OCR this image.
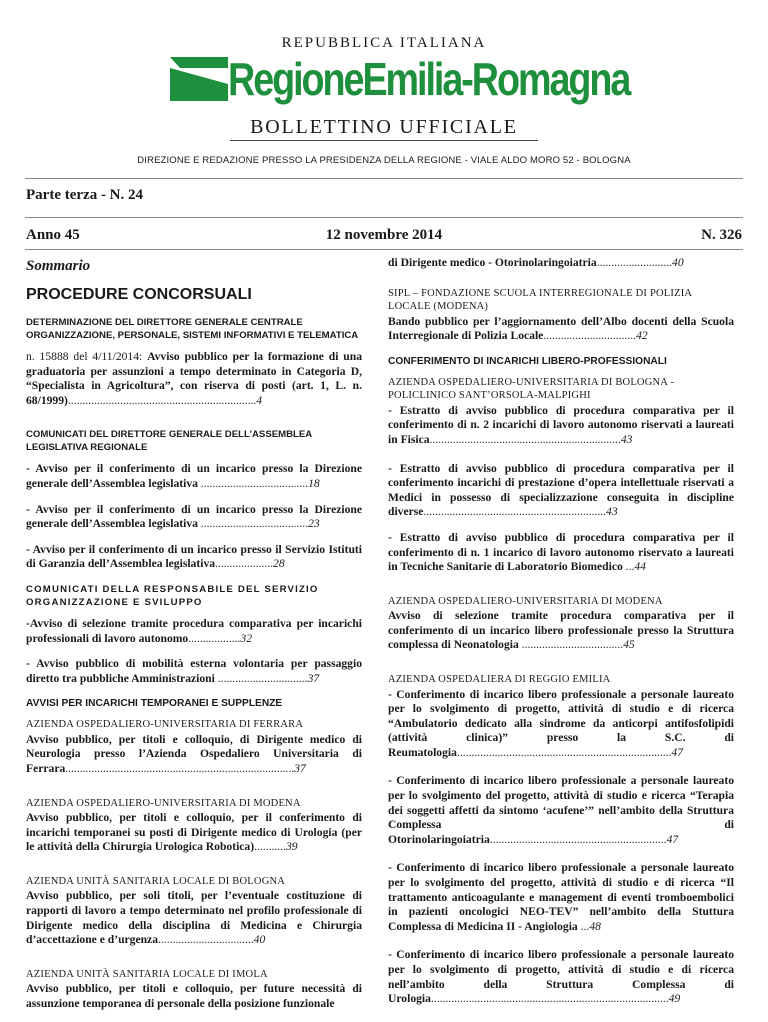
REPUBBLICA ITALIANA
RegioneEmilia-Romagna
BOLLETTINO UFFICIALE
DIREZIONE E REDAZIONE PRESSO LA PRESIDENZA DELLA REGIONE - VIALE ALDO MORO 52 - BOLOGNA
Parte terza - N. 24
Anno 45	12 novembre 2014	N. 326
Sommario
PROCEDURE CONCORSUALI
DETERMINAZIONE DEL DIRETTORE GENERALE CENTRALE ORGANIZZAZIONE, PERSONALE, SISTEMI INFORMATIVI E TELEMATICA
n. 15888 del 4/11/2014: Avviso pubblico per la formazione di una graduatoria per assunzioni a tempo determinato in Categoria D, “Specialista in Agricoltura”, con riserva di posti (art. 1, L. n. 68/1999).................................................................4
COMUNICATI DEL DIRETTORE GENERALE DELL’ASSEMBLEA LEGISLATIVA REGIONALE
- Avviso per il conferimento di un incarico presso la Direzione generale dell’Assemblea legislativa .....................................18
- Avviso per il conferimento di un incarico presso la Direzione generale dell’Assemblea legislativa .....................................23
- Avviso per il conferimento di un incarico presso il Servizio Istituti di Garanzia dell’Assemblea legislativa....................28
COMUNICATI DELLA RESPONSABILE DEL SERVIZIO ORGANIZZAZIONE E SVILUPPO
-Avviso di selezione tramite procedura comparativa per incarichi professionali di lavoro autonomo..................32
- Avviso pubblico di mobilità esterna volontaria per passaggio diretto tra pubbliche Amministrazioni ...............................37
AVVISI PER INCARICHI TEMPORANEI E SUPPLENZE
AZIENDA OSPEDALIERO-UNIVERSITARIA DI FERRARA
Avviso pubblico, per titoli e colloquio, di Dirigente medico di Neurologia presso l’Azienda Ospedaliero Universitaria di Ferrara...............................................................................37
AZIENDA OSPEDALIERO-UNIVERSITARIA DI MODENA
Avviso pubblico, per titoli e colloquio, per il conferimento di incarichi temporanei su posti di Dirigente medico di Urologia (per le attività della Chirurgia Urologica Robotica)...........39
AZIENDA UNITÀ SANITARIA LOCALE DI BOLOGNA
Avviso pubblico, per soli titoli, per l’eventuale costituzione di rapporti di lavoro a tempo determinato nel profilo professionale di Dirigente medico della disciplina di Medicina e Chirurgia d’accettazione e d’urgenza.................................40
AZIENDA UNITÀ SANITARIA LOCALE DI IMOLA
Avviso pubblico, per titoli e colloquio, per future necessità di assunzione temporanea di personale della posizione funzionale
di Dirigente medico - Otorinolaringoiatria..........................40
SIPL – FONDAZIONE SCUOLA INTERREGIONALE DI POLIZIA LOCALE (MODENA)
Bando pubblico per l’aggiornamento dell’Albo docenti della Scuola Interregionale di Polizia Locale................................42
CONFERIMENTO DI INCARICHI LIBERO-PROFESSIONALI
AZIENDA OSPEDALIERO-UNIVERSITARIA DI BOLOGNA - POLICLINICO SANT’ORSOLA-MALPIGHI
- Estratto di avviso pubblico di procedura comparativa per il conferimento di n. 2 incarichi di lavoro autonomo riservati a laureati in Fisica..................................................................43
- Estratto di avviso pubblico di procedura comparativa per il conferimento incarichi di prestazione d’opera intellettuale riservati a Medici in possesso di specializzazione conseguita in discipline diverse...............................................................43
- Estratto di avviso pubblico di procedura comparativa per il conferimento di n. 1 incarico di lavoro autonomo riservato a laureati in Tecniche Sanitarie di Laboratorio Biomedico ...44
AZIENDA OSPEDALIERO-UNIVERSITARIA DI MODENA
Avviso di selezione tramite procedura comparativa per il conferimento di un incarico libero professionale presso la Struttura complessa di Neonatologia ...................................45
AZIENDA OSPEDALIERA DI REGGIO EMILIA
- Conferimento di incarico libero professionale a personale laureato per lo svolgimento di progetto, attività di studio e di ricerca “Ambulatorio dedicato alla sindrome da anticorpi antifosfolipidi (attività clinica)” presso la S.C. di Reumatologia..........................................................................47
- Conferimento di incarico libero professionale a personale laureato per lo svolgimento del progetto, attività di studio e ricerca “Terapia dei soggetti affetti da sintomo ‘acufene’” nell’ambito della Struttura Complessa di Otorinolaringoiatria.............................................................47
- Conferimento di incarico libero professionale a personale laureato per lo svolgimento del progetto, attività di studio e di ricerca “Il trattamento anticoagulante e management di eventi tromboembolici in pazienti oncologici NEO-TEV” nell’ambito della Stuttura Complessa di Medicina II - Angiologia ...48
- Conferimento di incarico libero professionale a personale laureato per lo svolgimento di progetto, attività di studio e di ricerca nell’ambito della Struttura Complessa di Urologia..................................................................................49
